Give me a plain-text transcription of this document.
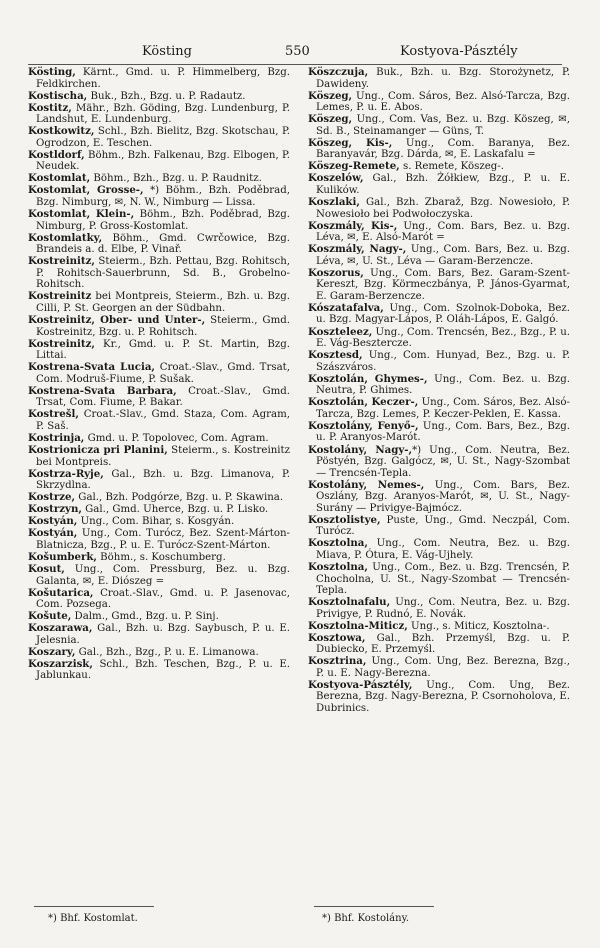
Kösting	550	Kostyova-Pásztély

Kösting, Kärnt., Gmd. u. P. Himmelberg, Bzg. Feldkirchen.

Kostischa, Buk., Bzh., Bzg. u. P. Radautz.

Kostitz, Mähr., Bzh. Göding, Bzg. Lundenburg, P. Landshut, E. Lundenburg.

Kostkowitz, Schl., Bzh. Bielitz, Bzg. Skotschau, P. Ogrodzon, E. Teschen.

Kostldorf, Böhm., Bzh. Falkenau, Bzg. Elbogen, P. Neudek.

Kostomlat, Böhm., Bzh., Bzg. u. P. Raudnitz.

Kostomlat, Grosse-, *) Böhm., Bzh. Poděbrad, Bzg. Nimburg, ✉, N. W., Nimburg — Lissa.

Kostomlat, Klein-, Böhm., Bzh. Poděbrad, Bzg. Nimburg, P. Gross-Kostomlat.

Kostomlatky, Böhm., Gmd. Cwrčowice, Bzg. Brandeis a. d. Elbe, P. Vinař.

Kostreinitz, Steierm., Bzh. Pettau, Bzg. Rohitsch, P. Rohitsch-Sauerbrunn, Sd. B., Grobelno-Rohitsch.

Kostreinitz bei Montpreis, Steierm., Bzh. u. Bzg. Cilli, P. St. Georgen an der Südbahn.

Kostreinitz, Ober- und Unter-, Steierm., Gmd. Kostreinitz, Bzg. u. P. Rohitsch.

Kostreinitz, Kr., Gmd. u. P. St. Martin, Bzg. Littai.

Kostrena-Svata Lucia, Croat.-Slav., Gmd. Trsat, Com. Modruš-Fiume, P. Sušak.

Kostrena-Svata Barbara, Croat.-Slav., Gmd. Trsat, Com. Fiume, P. Bakar.

Kostrešl, Croat.-Slav., Gmd. Staza, Com. Agram, P. Saš.

Kostrinja, Gmd. u. P. Topolovec, Com. Agram.

Kostrionicza pri Planini, Steierm., s. Kostreinitz bei Montpreis.

Kostrza-Ryje, Gal., Bzh. u. Bzg. Limanova, P. Skrzydlna.

Kostrze, Gal., Bzh. Podgórze, Bzg. u. P. Skawina.

Kostrzyn, Gal., Gmd. Uherce, Bzg. u. P. Lisko.

Kostyán, Ung., Com. Bihar, s. Kosgyán.

Kostyán, Ung., Com. Turócz, Bez. Szent-Márton-Blatnicza, Bzg., P. u. E. Turócz-Szent-Márton.

Košumberk, Böhm., s. Koschumberg.

Kosut, Ung., Com. Pressburg, Bez. u. Bzg. Galanta, ✉, E. Diószeg =

Košutarica, Croat.-Slav., Gmd. u. P. Jasenovac, Com. Pozsega.

Košute, Dalm., Gmd., Bzg. u. P. Sinj.

Koszarawa, Gal., Bzh. u. Bzg. Saybusch, P. u. E. Jelesnia.

Koszary, Gal., Bzh., Bzg., P. u. E. Limanowa.

Koszarzisk, Schl., Bzh. Teschen, Bzg., P. u. E. Jablunkau.

Köszczuja, Buk., Bzh. u. Bzg. Storożynetz, P. Dawideny.

Köszeg, Ung., Com. Sáros, Bez. Alsó-Tarcza, Bzg. Lemes, P. u. E. Abos.

Köszeg, Ung., Com. Vas, Bez. u. Bzg. Köszeg, ✉, Sd. B., Steinamanger — Güns, T.

Köszeg, Kis-, Ung., Com. Baranya, Bez. Baranyavár, Bzg. Dárda, ✉, E. Laskafalu =

Köszeg-Remete, s. Remete, Köszeg-.

Koszelów, Gal., Bzh. Żółkiew, Bzg., P. u. E. Kulików.

Koszlaki, Gal., Bzh. Zbaraž, Bzg. Nowesioło, P. Nowesioło bei Podwołoczyska.

Koszmály, Kis-, Ung., Com. Bars, Bez. u. Bzg. Léva, ✉, E. Alsó-Marót =

Koszmály, Nagy-, Ung., Com. Bars, Bez. u. Bzg. Léva, ✉, U. St., Léva — Garam-Berzencze.

Koszorus, Ung., Com. Bars, Bez. Garam-Szent-Kereszt, Bzg. Körmeczbánya, P. János-Gyarmat, E. Garam-Berzencze.

Kószatafalva, Ung., Com. Szolnok-Doboka, Bez. u. Bzg. Magyar-Lápos, P. Oláh-Lápos, E. Galgó.

Koszteleez, Ung., Com. Trencsén, Bez., Bzg., P. u. E. Vág-Besztercze.

Kosztesd, Ung., Com. Hunyad, Bez., Bzg. u. P. Szászváros.

Kosztolán, Ghymes-, Ung., Com. Bez. u. Bzg. Neutra, P. Ghimes.

Kosztolán, Keczer-, Ung., Com. Sáros, Bez. Alsó-Tarcza, Bzg. Lemes, P. Keczer-Peklen, E. Kassa.

Kosztolány, Fenyő-, Ung., Com. Bars, Bez., Bzg. u. P. Aranyos-Marót.

Kostolány, Nagy-,*) Ung., Com. Neutra, Bez. Pöstyén, Bzg. Galgócz, ✉, U. St., Nagy-Szombat — Trencsén-Tepla.

Kostolány, Nemes-, Ung., Com. Bars, Bez. Oszlány, Bzg. Aranyos-Marót, ✉, U. St., Nagy-Surány — Privigye-Bajmócz.

Kosztolistye, Puste, Ung., Gmd. Neczpál, Com. Turócz.

Kosztolna, Ung., Com. Neutra, Bez. u. Bzg. Miava, P. Ótura, E. Vág-Ujhely.

Kosztolna, Ung., Com., Bez. u. Bzg. Trencsén, P. Chocholna, U. St., Nagy-Szombat — Trencsén-Tepla.

Kosztolnafalu, Ung., Com. Neutra, Bez. u. Bzg. Privigye, P. Rudnó, E. Novák.

Kosztolna-Miticz, Ung., s. Miticz, Kosztolna-.

Kosztowa, Gal., Bzh. Przemyśl, Bzg. u. P. Dubiecko, E. Przemyśl.

Kosztrina, Ung., Com. Ung, Bez. Berezna, Bzg., P. u. E. Nagy-Berezna.

Kostyova-Pásztély, Ung., Com. Ung, Bez. Berezna, Bzg. Nagy-Berezna, P. Csornoholova, E. Dubrinics.

*) Bhf. Kostomlat.	*) Bhf. Kostolány.
